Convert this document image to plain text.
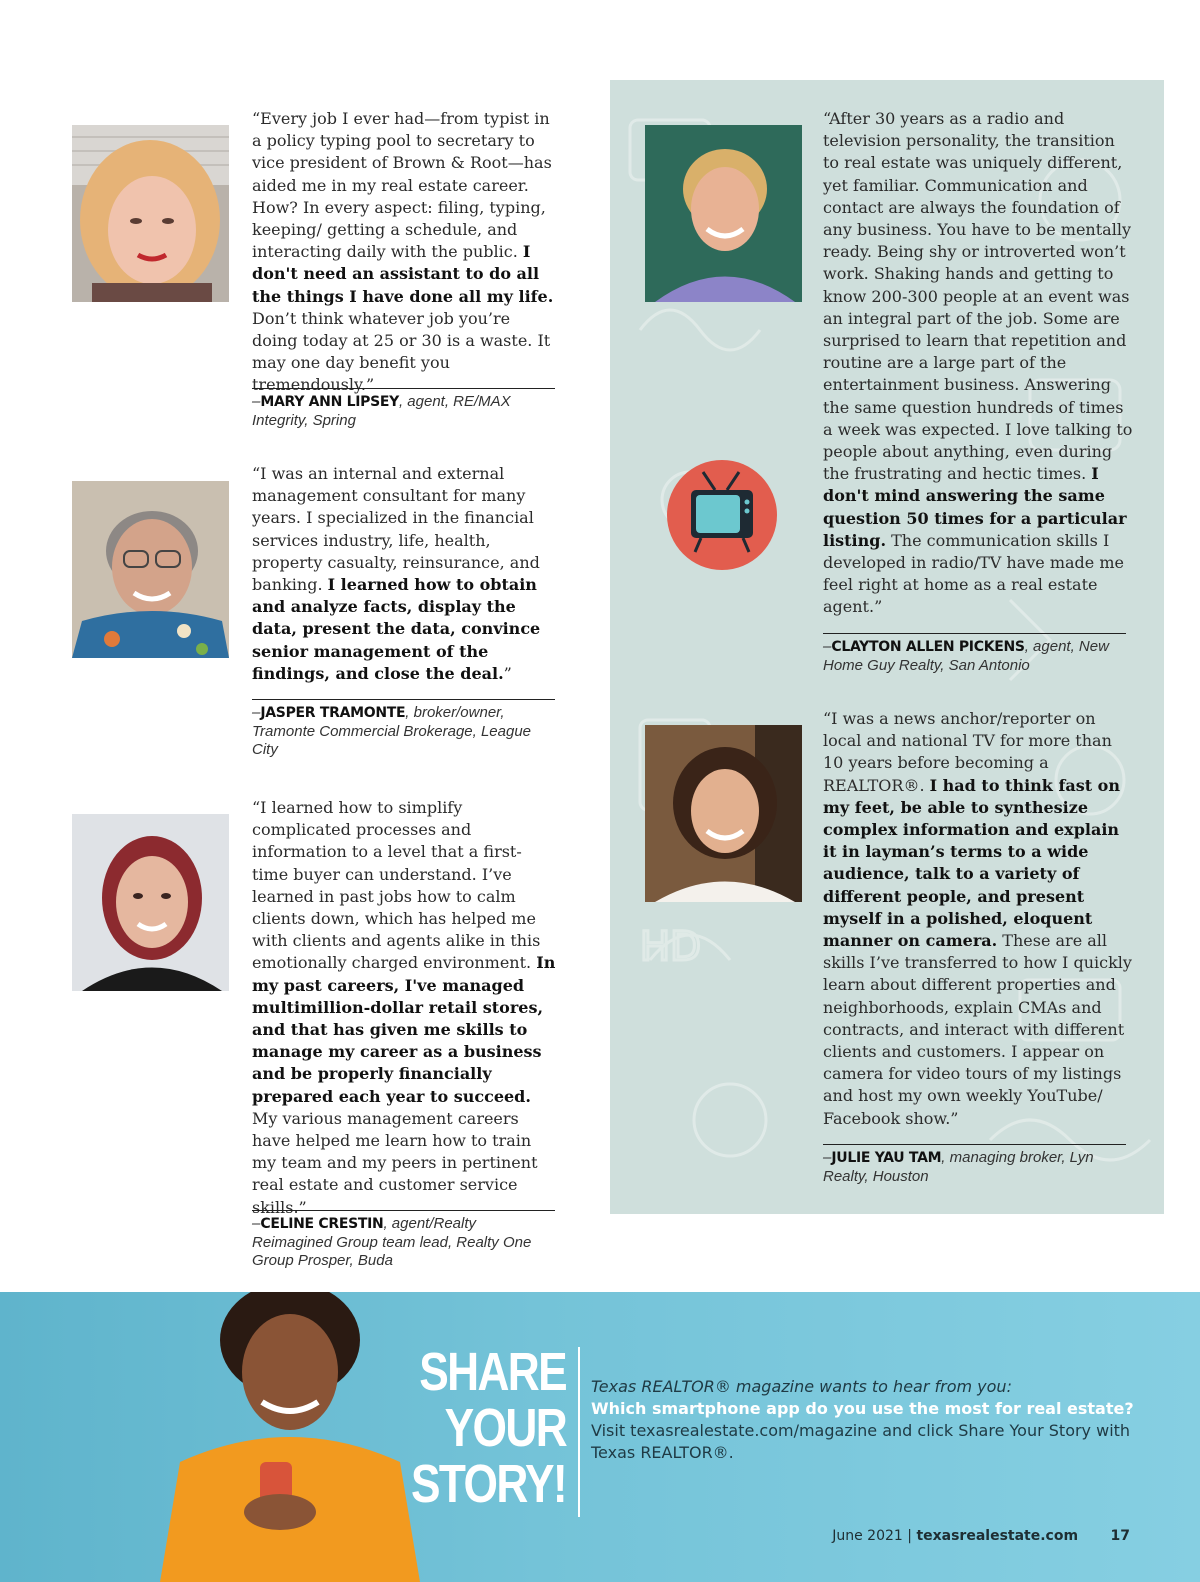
“Every job I ever had—from typist in a policy typing pool to secretary to vice president of Brown & Root—has aided me in my real estate career. How? In every aspect: filing, typing, keeping/ getting a schedule, and interacting daily with the public. I don't need an assistant to do all the things I have done all my life. Don’t think whatever job you’re doing today at 25 or 30 is a waste. It may one day benefit you tremendously.”
–MARY ANN LIPSEY, agent, RE/MAX Integrity, Spring
“I was an internal and external management consultant for many years. I specialized in the financial services industry, life, health, property casualty, reinsurance, and banking. I learned how to obtain and analyze facts, display the data, present the data, convince senior management of the findings, and close the deal.”
–JASPER TRAMONTE, broker/owner, Tramonte Commercial Brokerage, League City
“I learned how to simplify complicated processes and information to a level that a first-time buyer can understand. I’ve learned in past jobs how to calm clients down, which has helped me with clients and agents alike in this emotionally charged environment. In my past careers, I've managed multimillion-dollar retail stores, and that has given me skills to manage my career as a business and be properly financially prepared each year to succeed. My various management careers have helped me learn how to train my team and my peers in pertinent real estate and customer service skills.”
–CELINE CRESTIN, agent/Realty Reimagined Group team lead, Realty One Group Prosper, Buda
HD
“After 30 years as a radio and television personality, the transition to real estate was uniquely different, yet familiar. Communication and contact are always the foundation of any business. You have to be mentally ready. Being shy or introverted won’t work. Shaking hands and getting to know 200-300 people at an event was an integral part of the job. Some are surprised to learn that repetition and routine are a large part of the entertainment business. Answering the same question hundreds of times a week was expected. I love talking to people about anything, even during the frustrating and hectic times. I don't mind answering the same question 50 times for a particular listing. The communication skills I developed in radio/TV have made me feel right at home as a real estate agent.”
–CLAYTON ALLEN PICKENS, agent, New Home Guy Realty, San Antonio
“I was a news anchor/reporter on local and national TV for more than 10 years before becoming a REALTOR®. I had to think fast on my feet, be able to synthesize complex information and explain it in layman’s terms to a wide audience, talk to a variety of different people, and present myself in a polished, eloquent manner on camera. These are all skills I’ve transferred to how I quickly learn about different properties and neighborhoods, explain CMAs and contracts, and interact with different clients and customers. I appear on camera for video tours of my listings and host my own weekly YouTube/ Facebook show.”
–JULIE YAU TAM, managing broker, Lyn Realty, Houston
SHARE
YOUR
STORY!
Texas REALTOR® magazine wants to hear from you:
Which smartphone app do you use the most for real estate?
Visit texasrealestate.com/magazine and click Share Your Story with Texas REALTOR®.
June 2021 | texasrealestate.com 17
